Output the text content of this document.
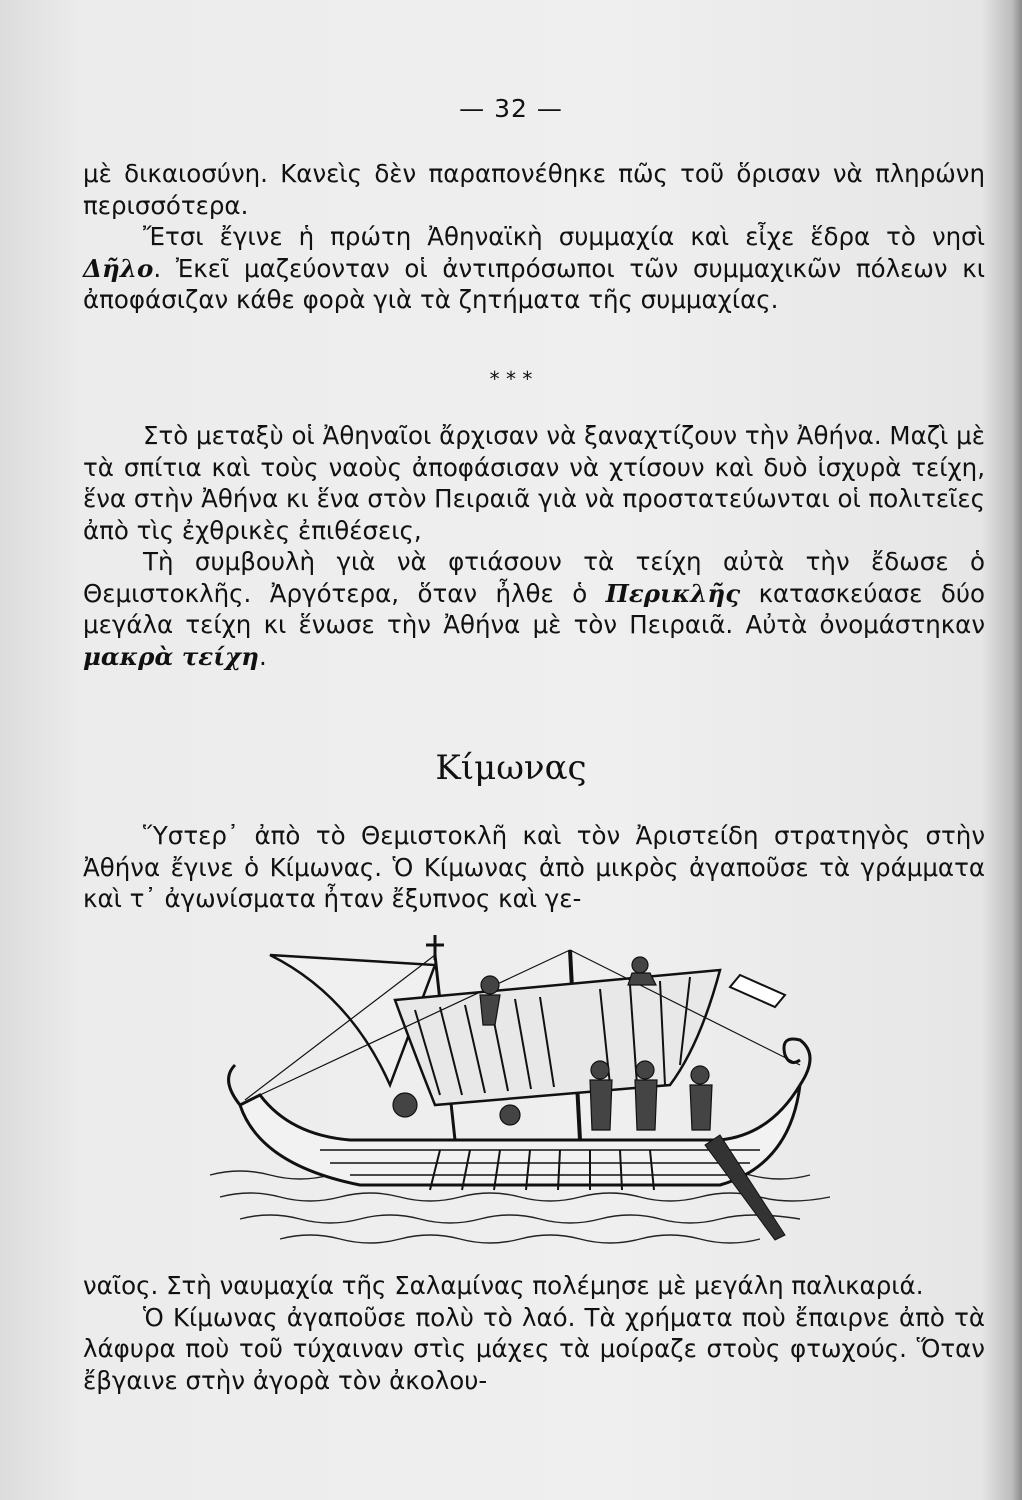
— 32 —

μὲ δικαιοσύνη. Κανεὶς δὲν παραπονέθηκε πῶς τοῦ ὅρισαν νὰ πληρώνη περισσότερα.

Ἔτσι ἔγινε ἡ πρώτη Ἀθηναϊκὴ συμμαχία καὶ εἶχε ἕδρα τὸ νησὶ Δῆλο. Ἐκεῖ μαζεύονταν οἱ ἀντιπρόσωποι τῶν συμμαχικῶν πόλεων κι ἀποφάσιζαν κάθε φορὰ γιὰ τὰ ζητήματα τῆς συμμαχίας.

* * *

Στὸ μεταξὺ οἱ Ἀθηναῖοι ἄρχισαν νὰ ξαναχτίζουν τὴν Ἀθήνα. Μαζὶ μὲ τὰ σπίτια καὶ τοὺς ναοὺς ἀποφάσισαν νὰ χτίσουν καὶ δυὸ ἰσχυρὰ τείχη, ἕνα στὴν Ἀθήνα κι ἕνα στὸν Πειραιᾶ γιὰ νὰ προστατεύωνται οἱ πολιτεῖες ἀπὸ τὶς ἐχθρικὲς ἐπιθέσεις,

Τὴ συμβουλὴ γιὰ νὰ φτιάσουν τὰ τείχη αὐτὰ τὴν ἔδωσε ὁ Θεμιστοκλῆς. Ἀργότερα, ὅταν ἦλθε ὁ Περικλῆς κατασκεύασε δύο μεγάλα τείχη κι ἕνωσε τὴν Ἀθήνα μὲ τὸν Πειραιᾶ. Αὐτὰ ὀνομάστηκαν μακρὰ τείχη.

Κίμωνας

Ὕστερ᾿ ἀπὸ τὸ Θεμιστοκλῆ καὶ τὸν Ἀριστείδη στρατηγὸς στὴν Ἀθήνα ἔγινε ὁ Κίμωνας. Ὁ Κίμωνας ἀπὸ μικρὸς ἀγαποῦσε τὰ γράμματα καὶ τ᾿ ἀγωνίσματα ἦταν ἔξυπνος καὶ γε-

ναῖος. Στὴ ναυμαχία τῆς Σαλαμίνας πολέμησε μὲ μεγάλη παλικαριά.

Ὁ Κίμωνας ἀγαποῦσε πολὺ τὸ λαό. Τὰ χρήματα ποὺ ἔπαιρνε ἀπὸ τὰ λάφυρα ποὺ τοῦ τύχαιναν στὶς μάχες τὰ μοίραζε στοὺς φτωχούς. Ὅταν ἔβγαινε στὴν ἀγορὰ τὸν ἀκολου-
